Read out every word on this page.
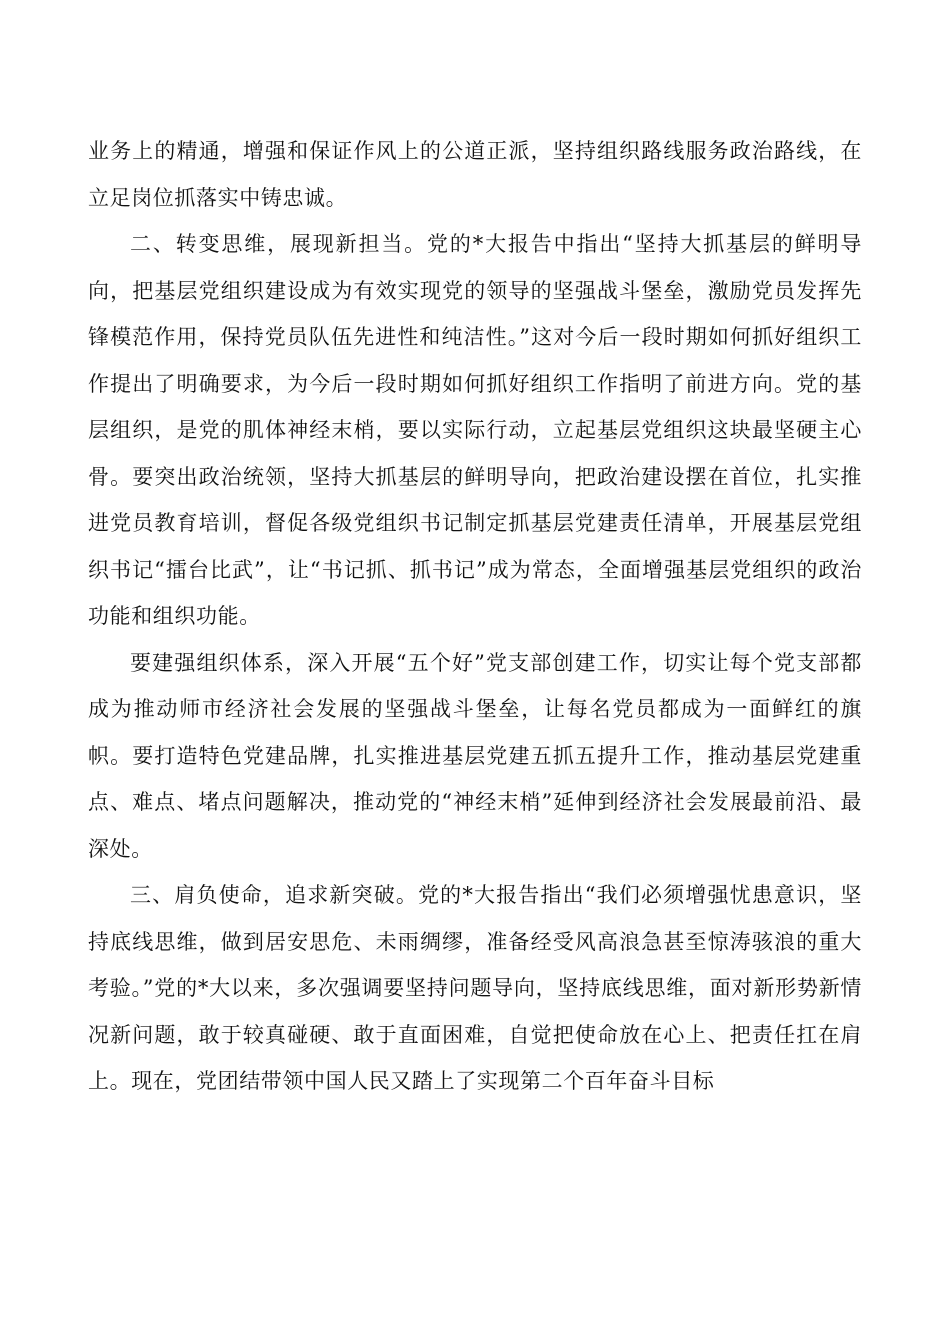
业务上的精通，增强和保证作风上的公道正派，坚持组织路线服务政治路线，在立足岗位抓落实中铸忠诚。

二、转变思维，展现新担当。党的*大报告中指出“坚持大抓基层的鲜明导向，把基层党组织建设成为有效实现党的领导的坚强战斗堡垒，激励党员发挥先锋模范作用，保持党员队伍先进性和纯洁性。”这对今后一段时期如何抓好组织工作提出了明确要求，为今后一段时期如何抓好组织工作指明了前进方向。党的基层组织，是党的肌体神经末梢，要以实际行动，立起基层党组织这块最坚硬主心骨。要突出政治统领，坚持大抓基层的鲜明导向，把政治建设摆在首位，扎实推进党员教育培训，督促各级党组织书记制定抓基层党建责任清单，开展基层党组织书记“擂台比武”，让“书记抓、抓书记”成为常态，全面增强基层党组织的政治功能和组织功能。

要建强组织体系，深入开展“五个好”党支部创建工作，切实让每个党支部都成为推动师市经济社会发展的坚强战斗堡垒，让每名党员都成为一面鲜红的旗帜。要打造特色党建品牌，扎实推进基层党建五抓五提升工作，推动基层党建重点、难点、堵点问题解决，推动党的“神经末梢”延伸到经济社会发展最前沿、最深处。

三、肩负使命，追求新突破。党的*大报告指出“我们必须增强忧患意识，坚持底线思维，做到居安思危、未雨绸缪，准备经受风高浪急甚至惊涛骇浪的重大考验。”党的*大以来，多次强调要坚持问题导向，坚持底线思维，面对新形势新情况新问题，敢于较真碰硬、敢于直面困难，自觉把使命放在心上、把责任扛在肩上。现在，党团结带领中国人民又踏上了实现第二个百年奋斗目标
